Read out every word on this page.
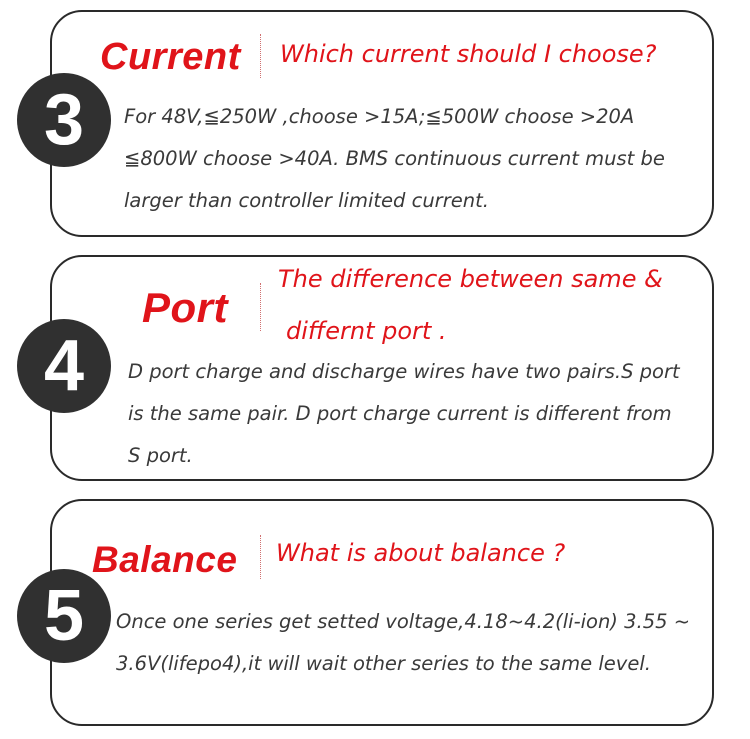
Current Which current should I choose?

For 48V,≦250W ,choose >15A;≦500W choose >20A

≦800W choose >40A. BMS continuous current must be

larger than controller limited current.

3
Port
The difference between same &
differnt port .

D port charge and discharge wires have two pairs.S port

is the same pair. D port charge current is different from

S port.

4
Balance What is about balance ?

Once one series get setted voltage,4.18~4.2(li-ion) 3.55 ~

3.6V(lifepo4),it will wait other series to the same level.

5
